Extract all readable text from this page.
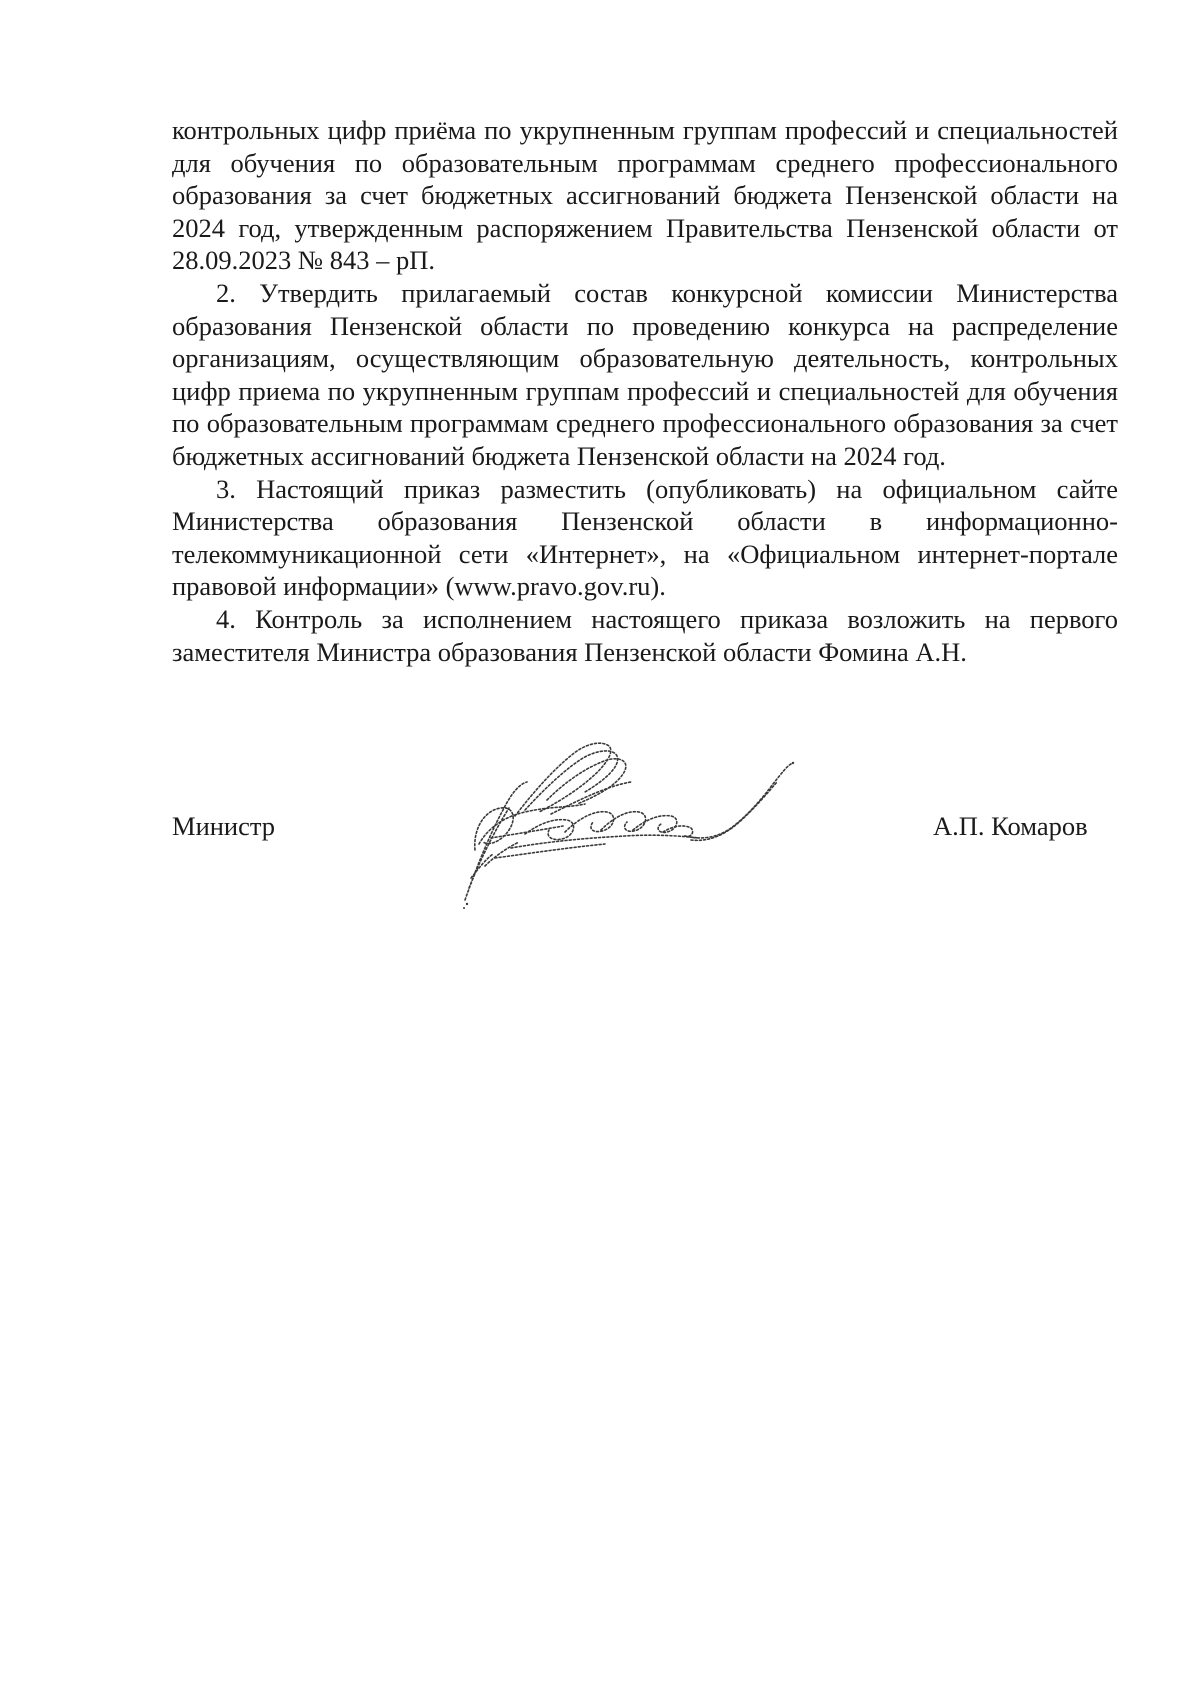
контрольных цифр приёма по укрупненным группам профессий и специальностей для обучения по образовательным программам среднего профессионального образования за счет бюджетных ассигнований бюджета Пензенской области на 2024 год, утвержденным распоряжением Правительства Пензенской области от 28.09.2023 № 843 – рП.

2. Утвердить прилагаемый состав конкурсной комиссии Министерства образования Пензенской области по проведению конкурса на распределение организациям, осуществляющим образовательную деятельность, контрольных цифр приема по укрупненным группам профессий и специальностей для обучения по образовательным программам среднего профессионального образования за счет бюджетных ассигнований бюджета Пензенской области на 2024 год.

3. Настоящий приказ разместить (опубликовать) на официальном сайте Министерства образования Пензенской области в информационно-телекоммуникационной сети «Интернет», на «Официальном интернет-портале правовой информации» (www.pravo.gov.ru).

4. Контроль за исполнением настоящего приказа возложить на первого заместителя Министра образования Пензенской области Фомина А.Н.

Министр	А.П. Комаров
